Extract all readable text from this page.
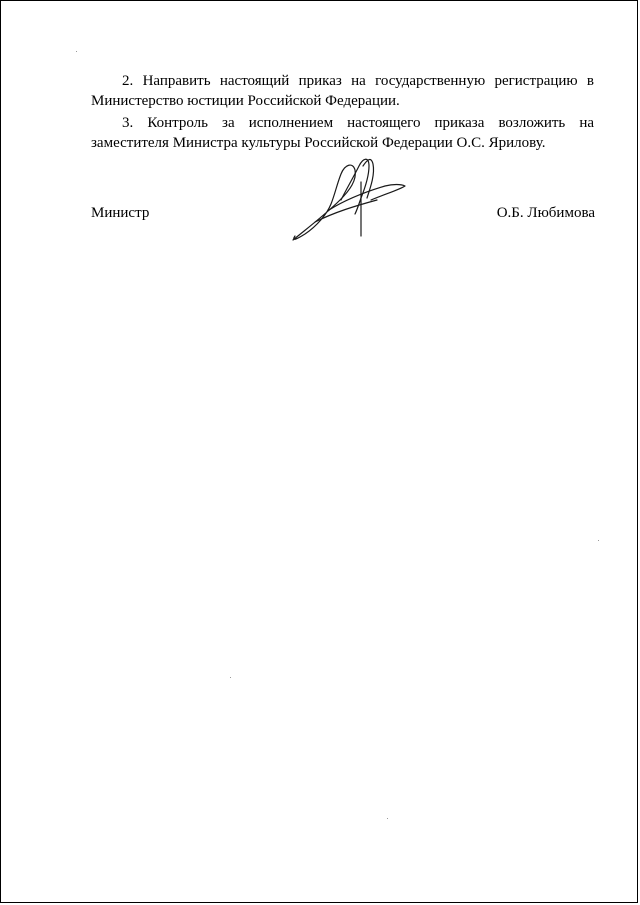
2. Направить настоящий приказ на государственную регистрацию в Министерство юстиции Российской Федерации.

3. Контроль за исполнением настоящего приказа возложить на заместителя Министра культуры Российской Федерации О.С. Ярилову.

Министр	О.Б. Любимова
